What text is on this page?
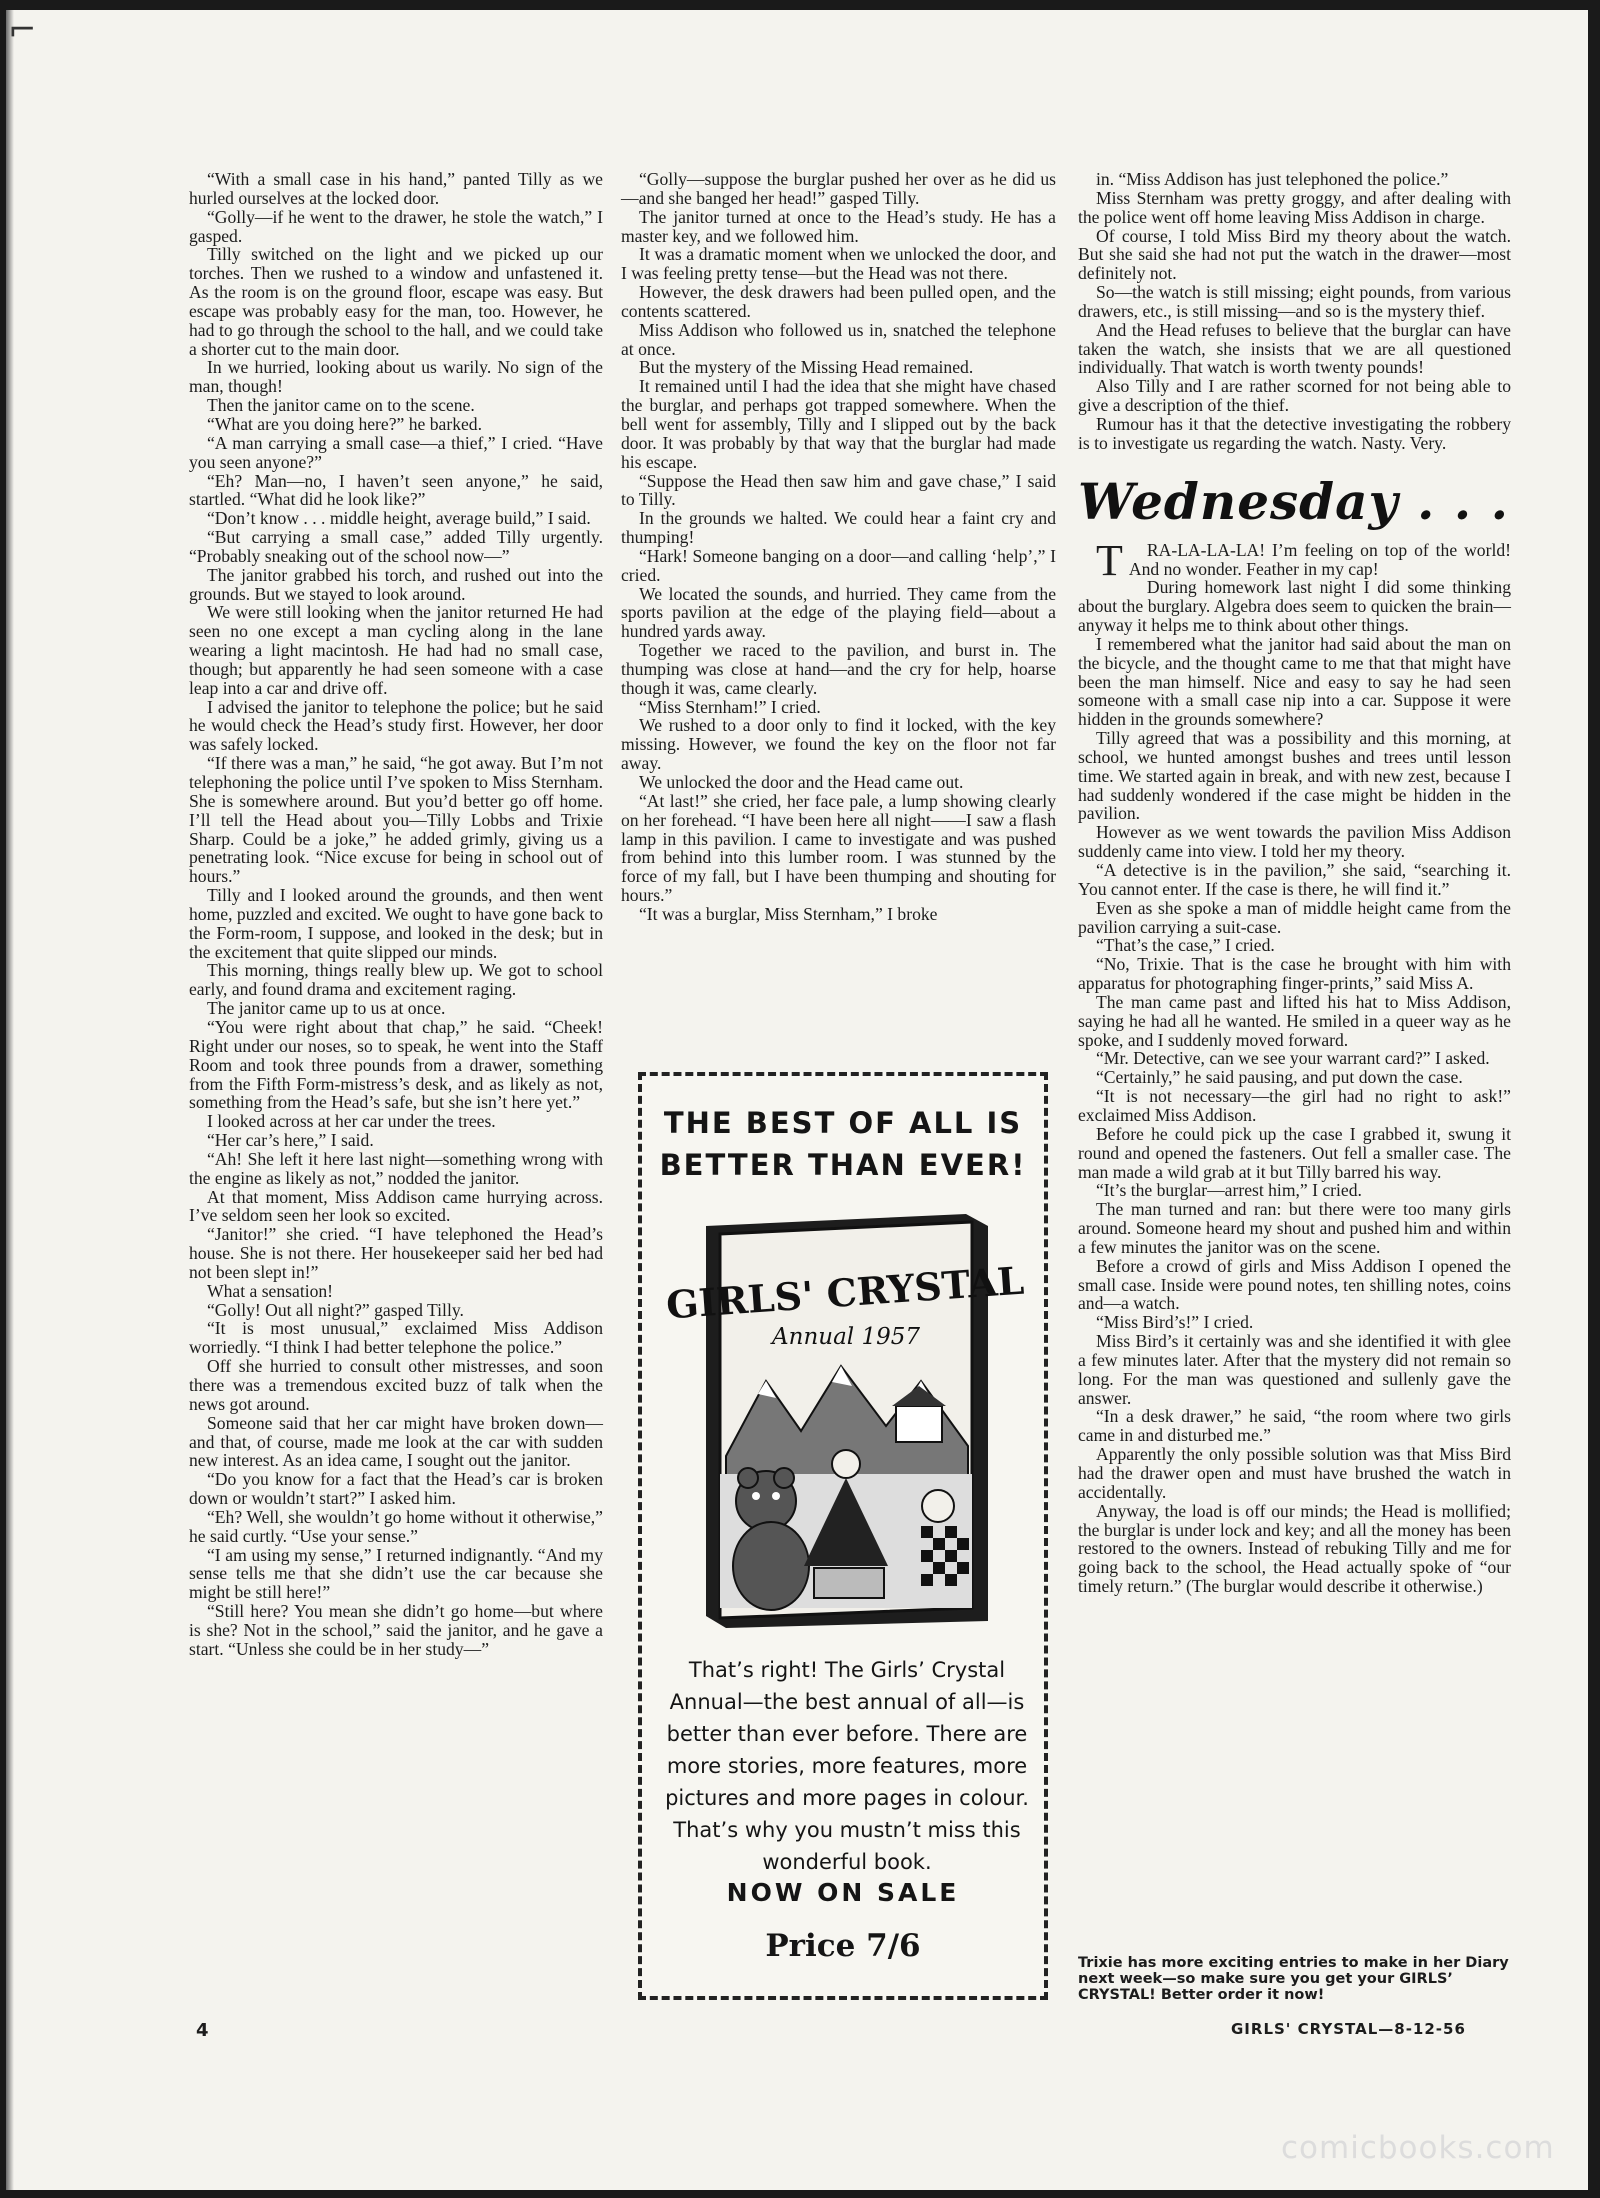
⌐

“With a small case in his hand,” panted Tilly as we hurled ourselves at the locked door.

“Golly—if he went to the drawer, he stole the watch,” I gasped.

Tilly switched on the light and we picked up our torches. Then we rushed to a window and unfastened it. As the room is on the ground floor, escape was easy. But escape was probably easy for the man, too. However, he had to go through the school to the hall, and we could take a shorter cut to the main door.

In we hurried, looking about us warily. No sign of the man, though!

Then the janitor came on to the scene.

“What are you doing here?” he barked.

“A man carrying a small case—a thief,” I cried. “Have you seen anyone?”

“Eh? Man—no, I haven’t seen anyone,” he said, startled. “What did he look like?”

“Don’t know . . . middle height, average build,” I said.

“But carrying a small case,” added Tilly urgently. “Probably sneaking out of the school now—”

The janitor grabbed his torch, and rushed out into the grounds. But we stayed to look around.

We were still looking when the janitor returned He had seen no one except a man cycling along in the lane wearing a light macintosh. He had had no small case, though; but apparently he had seen someone with a case leap into a car and drive off.

I advised the janitor to telephone the police; but he said he would check the Head’s study first. However, her door was safely locked.

“If there was a man,” he said, “he got away. But I’m not telephoning the police until I’ve spoken to Miss Sternham. She is somewhere around. But you’d better go off home. I’ll tell the Head about you—Tilly Lobbs and Trixie Sharp. Could be a joke,” he added grimly, giving us a penetrating look. “Nice excuse for being in school out of hours.”

Tilly and I looked around the grounds, and then went home, puzzled and excited. We ought to have gone back to the Form-room, I suppose, and looked in the desk; but in the excitement that quite slipped our minds.

This morning, things really blew up. We got to school early, and found drama and excitement raging.

The janitor came up to us at once.

“You were right about that chap,” he said. “Cheek! Right under our noses, so to speak, he went into the Staff Room and took three pounds from a drawer, something from the Fifth Form-mistress’s desk, and as likely as not, something from the Head’s safe, but she isn’t here yet.”

I looked across at her car under the trees.

“Her car’s here,” I said.

“Ah! She left it here last night—something wrong with the engine as likely as not,” nodded the janitor.

At that moment, Miss Addison came hurrying across. I’ve seldom seen her look so excited.

“Janitor!” she cried. “I have telephoned the Head’s house. She is not there. Her housekeeper said her bed had not been slept in!”

What a sensation!

“Golly! Out all night?” gasped Tilly.

“It is most unusual,” exclaimed Miss Addison worriedly. “I think I had better telephone the police.”

Off she hurried to consult other mistresses, and soon there was a tremendous excited buzz of talk when the news got around.

Someone said that her car might have broken down—and that, of course, made me look at the car with sudden new interest. As an idea came, I sought out the janitor.

“Do you know for a fact that the Head’s car is broken down or wouldn’t start?” I asked him.

“Eh? Well, she wouldn’t go home without it otherwise,” he said curtly. “Use your sense.”

“I am using my sense,” I returned indignantly. “And my sense tells me that she didn’t use the car because she might be still here!”

“Still here? You mean she didn’t go home—but where is she? Not in the school,” said the janitor, and he gave a start. “Unless she could be in her study—”

“Golly—suppose the burglar pushed her over as he did us—and she banged her head!” gasped Tilly.

The janitor turned at once to the Head’s study. He has a master key, and we followed him.

It was a dramatic moment when we unlocked the door, and I was feeling pretty tense—but the Head was not there.

However, the desk drawers had been pulled open, and the contents scattered.

Miss Addison who followed us in, snatched the telephone at once.

But the mystery of the Missing Head remained.

It remained until I had the idea that she might have chased the burglar, and perhaps got trapped somewhere. When the bell went for assembly, Tilly and I slipped out by the back door. It was probably by that way that the burglar had made his escape.

“Suppose the Head then saw him and gave chase,” I said to Tilly.

In the grounds we halted. We could hear a faint cry and thumping!

“Hark! Someone banging on a door—and calling ‘help’,” I cried.

We located the sounds, and hurried. They came from the sports pavilion at the edge of the playing field—about a hundred yards away.

Together we raced to the pavilion, and burst in. The thumping was close at hand—and the cry for help, hoarse though it was, came clearly.

“Miss Sternham!” I cried.

We rushed to a door only to find it locked, with the key missing. However, we found the key on the floor not far away.

We unlocked the door and the Head came out.

“At last!” she cried, her face pale, a lump showing clearly on her forehead. “I have been here all night——I saw a flash lamp in this pavilion. I came to investigate and was pushed from behind into this lumber room. I was stunned by the force of my fall, but I have been thumping and shouting for hours.”

“It was a burglar, Miss Sternham,” I broke

in. “Miss Addison has just telephoned the police.”

Miss Sternham was pretty groggy, and after dealing with the police went off home leaving Miss Addison in charge.

Of course, I told Miss Bird my theory about the watch. But she said she had not put the watch in the drawer—most definitely not.

So—the watch is still missing; eight pounds, from various drawers, etc., is still missing—and so is the mystery thief.

And the Head refuses to believe that the burglar can have taken the watch, she insists that we are all questioned individually. That watch is worth twenty pounds!

Also Tilly and I are rather scorned for not being able to give a description of the thief.

Rumour has it that the detective investigating the robbery is to investigate us regarding the watch. Nasty. Very.

Wednesday . . .

T RA-LA-LA-LA! I’m feeling on top of the world! And no wonder. Feather in my cap!

During homework last night I did some thinking about the burglary. Algebra does seem to quicken the brain—anyway it helps me to think about other things.

I remembered what the janitor had said about the man on the bicycle, and the thought came to me that that might have been the man himself. Nice and easy to say he had seen someone with a small case nip into a car. Suppose it were hidden in the grounds somewhere?

Tilly agreed that was a possibility and this morning, at school, we hunted amongst bushes and trees until lesson time. We started again in break, and with new zest, because I had suddenly wondered if the case might be hidden in the pavilion.

However as we went towards the pavilion Miss Addison suddenly came into view. I told her my theory.

“A detective is in the pavilion,” she said, “searching it. You cannot enter. If the case is there, he will find it.”

Even as she spoke a man of middle height came from the pavilion carrying a suit-case.

“That’s the case,” I cried.

“No, Trixie. That is the case he brought with him with apparatus for photographing finger-prints,” said Miss A.

The man came past and lifted his hat to Miss Addison, saying he had all he wanted. He smiled in a queer way as he spoke, and I suddenly moved forward.

“Mr. Detective, can we see your warrant card?” I asked.

“Certainly,” he said pausing, and put down the case.

“It is not necessary—the girl had no right to ask!” exclaimed Miss Addison.

Before he could pick up the case I grabbed it, swung it round and opened the fasteners. Out fell a smaller case. The man made a wild grab at it but Tilly barred his way.

“It’s the burglar—arrest him,” I cried.

The man turned and ran: but there were too many girls around. Someone heard my shout and pushed him and within a few minutes the janitor was on the scene.

Before a crowd of girls and Miss Addison I opened the small case. Inside were pound notes, ten shilling notes, coins and—a watch.

“Miss Bird’s!” I cried.

Miss Bird’s it certainly was and she identified it with glee a few minutes later. After that the mystery did not remain so long. For the man was questioned and sullenly gave the answer.

“In a desk drawer,” he said, “the room where two girls came in and disturbed me.”

Apparently the only possible solution was that Miss Bird had the drawer open and must have brushed the watch in accidentally.

Anyway, the load is off our minds; the Head is mollified; the burglar is under lock and key; and all the money has been restored to the owners. Instead of rebuking Tilly and me for going back to the school, the Head actually spoke of “our timely return.” (The burglar would describe it otherwise.)

THE BEST OF ALL IS
BETTER THAN EVER!
GIRLS' CRYSTAL
Annual 1957
That’s right! The Girls’ Crystal Annual—the best annual of all—is better than ever before. There are more stories, more features, more pictures and more pages in colour. That’s why you mustn’t miss this wonderful book.
NOW ON SALE
Price 7/6	Trixie has more exciting entries to make in her Diary next week—so make sure you get your GIRLS’ CRYSTAL! Better order it now!
4	GIRLS' CRYSTAL—8-12-56
comicbooks.com
